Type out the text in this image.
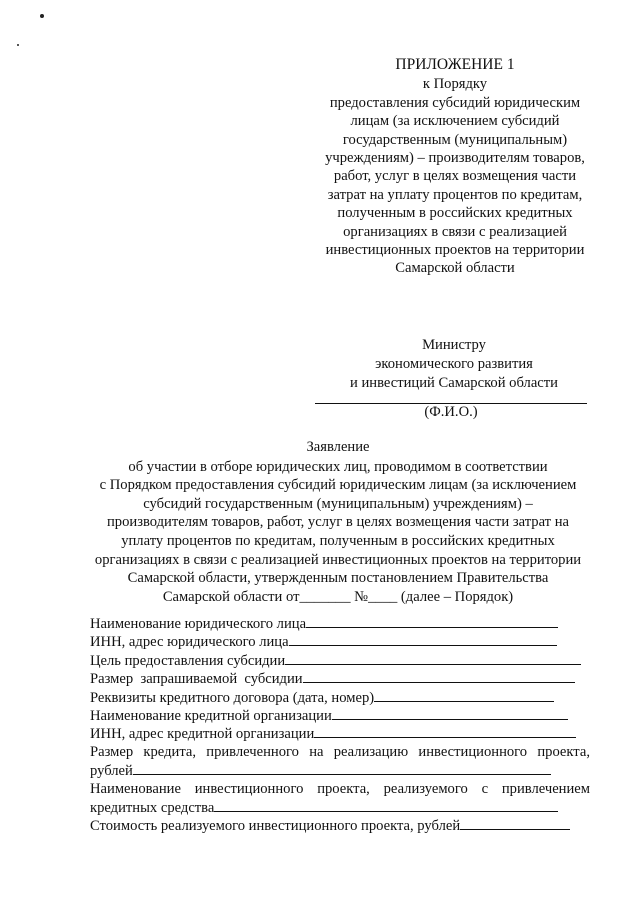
ПРИЛОЖЕНИЕ 1
к Порядку
предоставления субсидий юридическим
лицам (за исключением субсидий
государственным (муниципальным)
учреждениям) – производителям товаров,
работ, услуг в целях возмещения части
затрат на уплату процентов по кредитам,
полученным в российских кредитных
организациях в связи с реализацией
инвестиционных проектов на территории
Самарской области
Министру
экономического развития
и инвестиций Самарской области
(Ф.И.О.)
Заявление
об участии в отборе юридических лиц, проводимом в соответствии
с Порядком предоставления субсидий юридическим лицам (за исключением
субсидий государственным (муниципальным) учреждениям) –
производителям товаров, работ, услуг в целях возмещения части затрат на
уплату процентов по кредитам, полученным в российских кредитных
организациях в связи с реализацией инвестиционных проектов на территории
Самарской области, утвержденным постановлением Правительства
Самарской области от_______ №____ (далее – Порядок)
Наименование юридического лица
ИНН, адрес юридического лица
Цель предоставления субсидии
Размер  запрашиваемой  субсидии
Реквизиты кредитного договора (дата, номер)
Наименование кредитной организации
ИНН, адрес кредитной организации
Размер кредита, привлеченного на реализацию инвестиционного проекта,
рублей
Наименование инвестиционного проекта, реализуемого с привлечением
кредитных средства
Стоимость реализуемого инвестиционного проекта, рублей
